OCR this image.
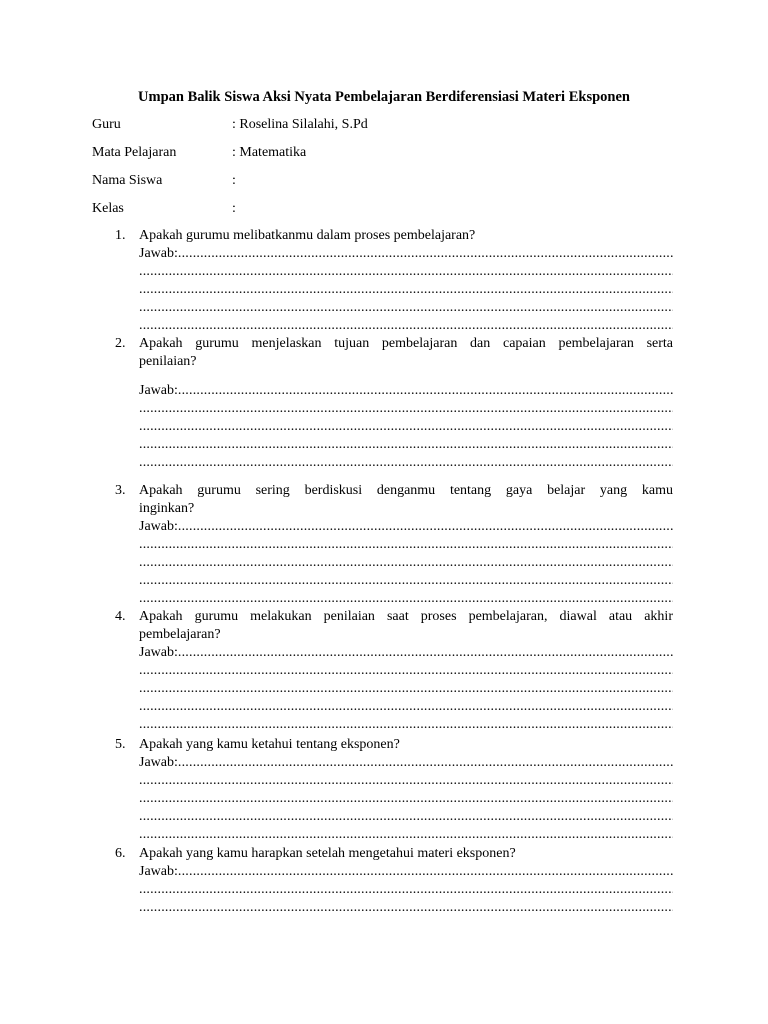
Umpan Balik Siswa Aksi Nyata Pembelajaran Berdiferensiasi Materi Eksponen
Guru	: Roselina Silalahi, S.Pd
Mata Pelajaran	: Matematika
Nama Siswa	:
Kelas	:
1. Apakah gurumu melibatkanmu dalam proses pembelajaran?
Jawab:
.....
.....
.....
.....
.....
2. Apakah gurumu menjelaskan tujuan pembelajaran dan capaian pembelajaran serta
penilaian?
Jawab:
.....
.....
.....
.....
.....
3. Apakah gurumu sering berdiskusi denganmu tentang gaya belajar yang kamu
inginkan?
Jawab:
.....
.....
.....
.....
.....
4. Apakah gurumu melakukan penilaian saat proses pembelajaran, diawal atau akhir
pembelajaran?
Jawab:
.....
.....
.....
.....
.....
5. Apakah yang kamu ketahui tentang eksponen?
Jawab:
.....
.....
.....
.....
.....
6. Apakah yang kamu harapkan setelah mengetahui materi eksponen?
Jawab:
.....
.....
.....
